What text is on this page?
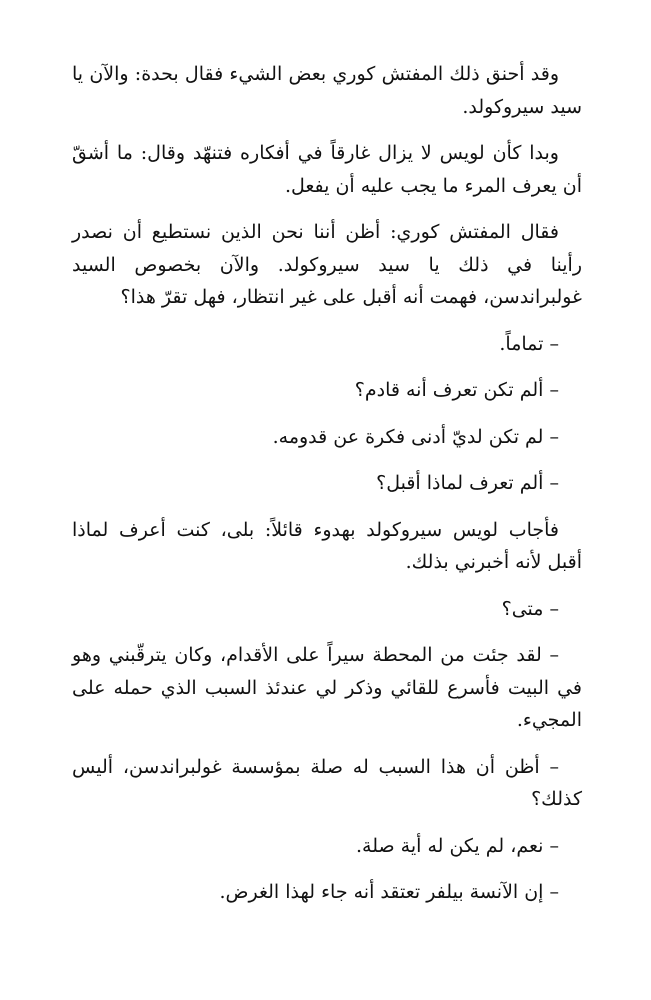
وقد أحنق ذلك المفتش كوري بعض الشيء فقال بحدة: والآن يا سيد سيروكولد.

وبدا كأن لويس لا يزال غارقاً في أفكاره فتنهّد وقال: ما أشقّ أن يعرف المرء ما يجب عليه أن يفعل.

فقال المفتش كوري: أظن أننا نحن الذين نستطيع أن نصدر رأينا في ذلك يا سيد سيروكولد. والآن بخصوص السيد غولبراندسن، فهمت أنه أقبل على غير انتظار، فهل تقرّ هذا؟

– تماماً.

– ألم تكن تعرف أنه قادم؟

– لم تكن لديّ أدنى فكرة عن قدومه.

– ألم تعرف لماذا أقبل؟

فأجاب لويس سيروكولد بهدوء قائلاً: بلى، كنت أعرف لماذا أقبل لأنه أخبرني بذلك.

– متى؟

– لقد جئت من المحطة سيراً على الأقدام، وكان يترقّبني وهو في البيت فأسرع للقائي وذكر لي عندئذ السبب الذي حمله على المجيء.

– أظن أن هذا السبب له صلة بمؤسسة غولبراندسن، أليس كذلك؟

– نعم، لم يكن له أية صلة.

– إن الآنسة بيلفر تعتقد أنه جاء لهذا الغرض.
